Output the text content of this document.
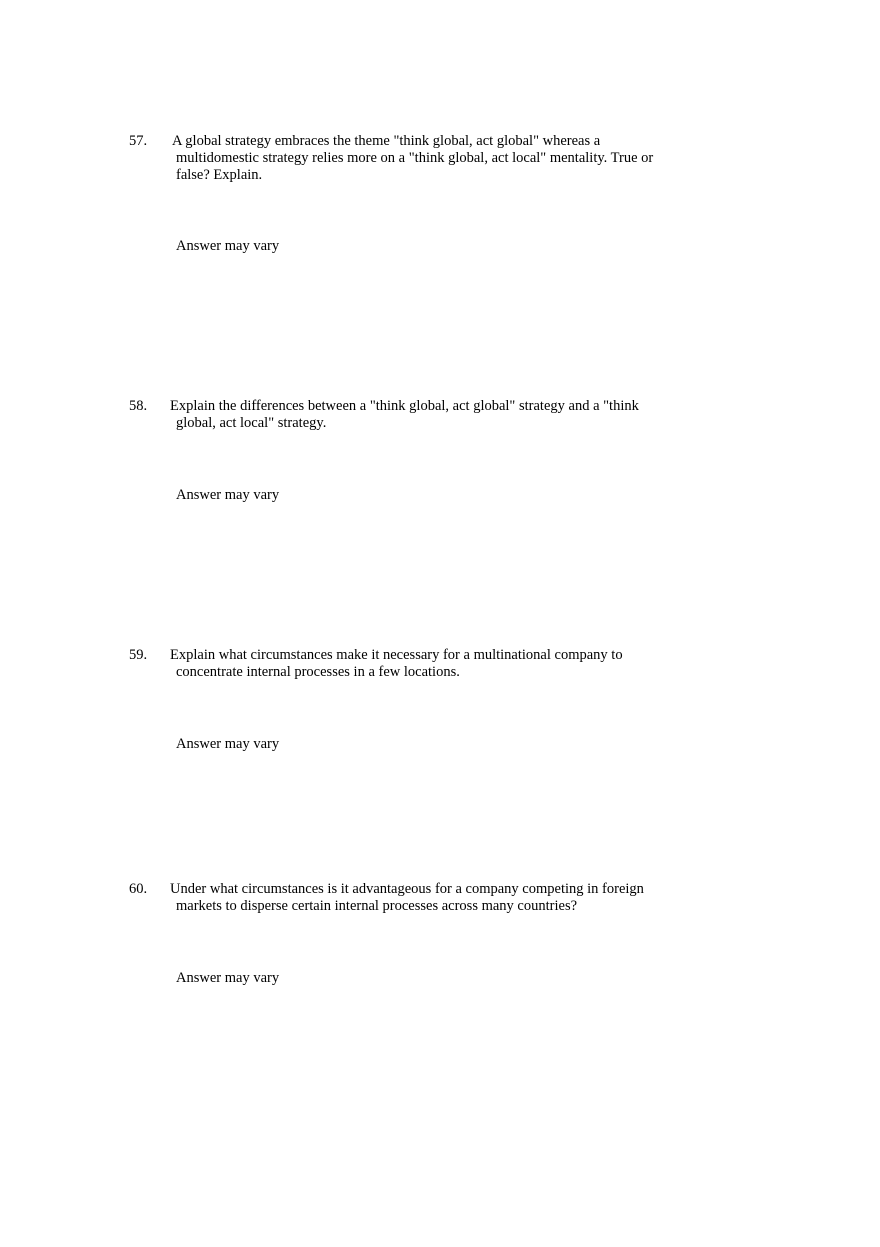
57.	A global strategy embraces the theme "think global, act global" whereas a
multidomestic strategy relies more on a "think global, act local" mentality. True or
false? Explain.
Answer may vary
58.	Explain the differences between a "think global, act global" strategy and a "think
global, act local" strategy.
Answer may vary
59.	Explain what circumstances make it necessary for a multinational company to
concentrate internal processes in a few locations.
Answer may vary
60.	Under what circumstances is it advantageous for a company competing in foreign
markets to disperse certain internal processes across many countries?
Answer may vary
